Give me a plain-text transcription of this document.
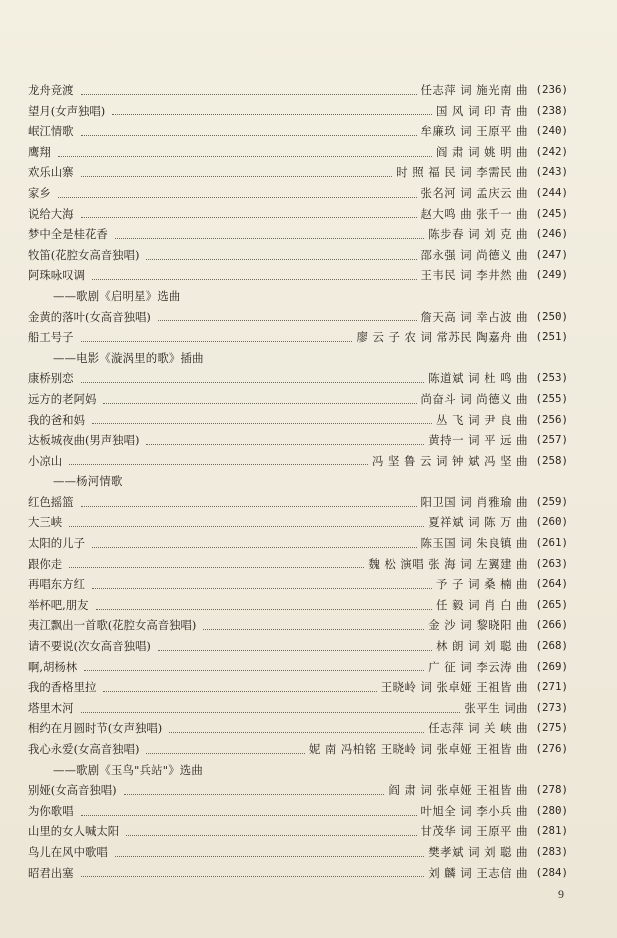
龙舟竞渡	任志萍 词 施光南 曲 (236)
望月(女声独唱)	国 风 词 印 青 曲 (238)
岷江情歌	牟廉玖 词 王原平 曲 (240)
鹰翔	阎 肃 词 姚 明 曲 (242)
欢乐山寨	时 照 福 民 词 李需民 曲 (243)
家乡	张名河 词 孟庆云 曲 (244)
说给大海	赵大鸣 曲 张千一 曲 (245)
梦中全是桂花香	陈步春 词 刘 克 曲 (246)
牧笛(花腔女高音独唱)	邵永强 词 尚德义 曲 (247)
阿珠咏叹调	王韦民 词 李井然 曲 (249)
——歌剧《启明星》选曲
金黄的落叶(女高音独唱)	詹天高 词 幸占波 曲 (250)
船工号子	廖 云 子 农 词 常苏民 陶嘉舟 曲 (251)
——电影《漩涡里的歌》插曲
康桥别恋	陈道斌 词 杜 鸣 曲 (253)
远方的老阿妈	尚奋斗 词 尚德义 曲 (255)
我的爸和妈	丛 飞 词 尹 良 曲 (256)
达板城夜曲(男声独唱)	黄持一 词 平 远 曲 (257)
小凉山	冯 坚 鲁 云 词 钟 斌 冯 坚 曲 (258)
——杨河情歌
红色摇篮	阳卫国 词 肖雅瑜 曲 (259)
大三峡	夏祥斌 词 陈 万 曲 (260)
太阳的儿子	陈玉国 词 朱良镇 曲 (261)
跟你走	魏 松 演唱 张 海 词 左翼建 曲 (263)
再唱东方红	予 子 词 桑 楠 曲 (264)
举杯吧,朋友	任 毅 词 肖 白 曲 (265)
夷江飘出一首歌(花腔女高音独唱)	金 沙 词 黎晓阳 曲 (266)
请不要说(次女高音独唱)	林 朗 词 刘 聪 曲 (268)
啊,胡杨林	广 征 词 李云涛 曲 (269)
我的香格里拉	王晓岭 词 张卓娅 王祖皆 曲 (271)
塔里木河	张平生 词曲 (273)
相约在月圆时节(女声独唱)	任志萍 词 关 峡 曲 (275)
我心永爱(女高音独唱)	妮 南 冯柏铭 王晓岭 词 张卓娅 王祖皆 曲 (276)
——歌剧《玉鸟"兵站"》选曲
别娅(女高音独唱)	阎 肃 词 张卓娅 王祖皆 曲 (278)
为你歌唱	叶旭全 词 李小兵 曲 (280)
山里的女人喊太阳	甘茂华 词 王原平 曲 (281)
鸟儿在风中歌唱	樊孝斌 词 刘 聪 曲 (283)
昭君出塞	刘 麟 词 王志信 曲 (284)
9
